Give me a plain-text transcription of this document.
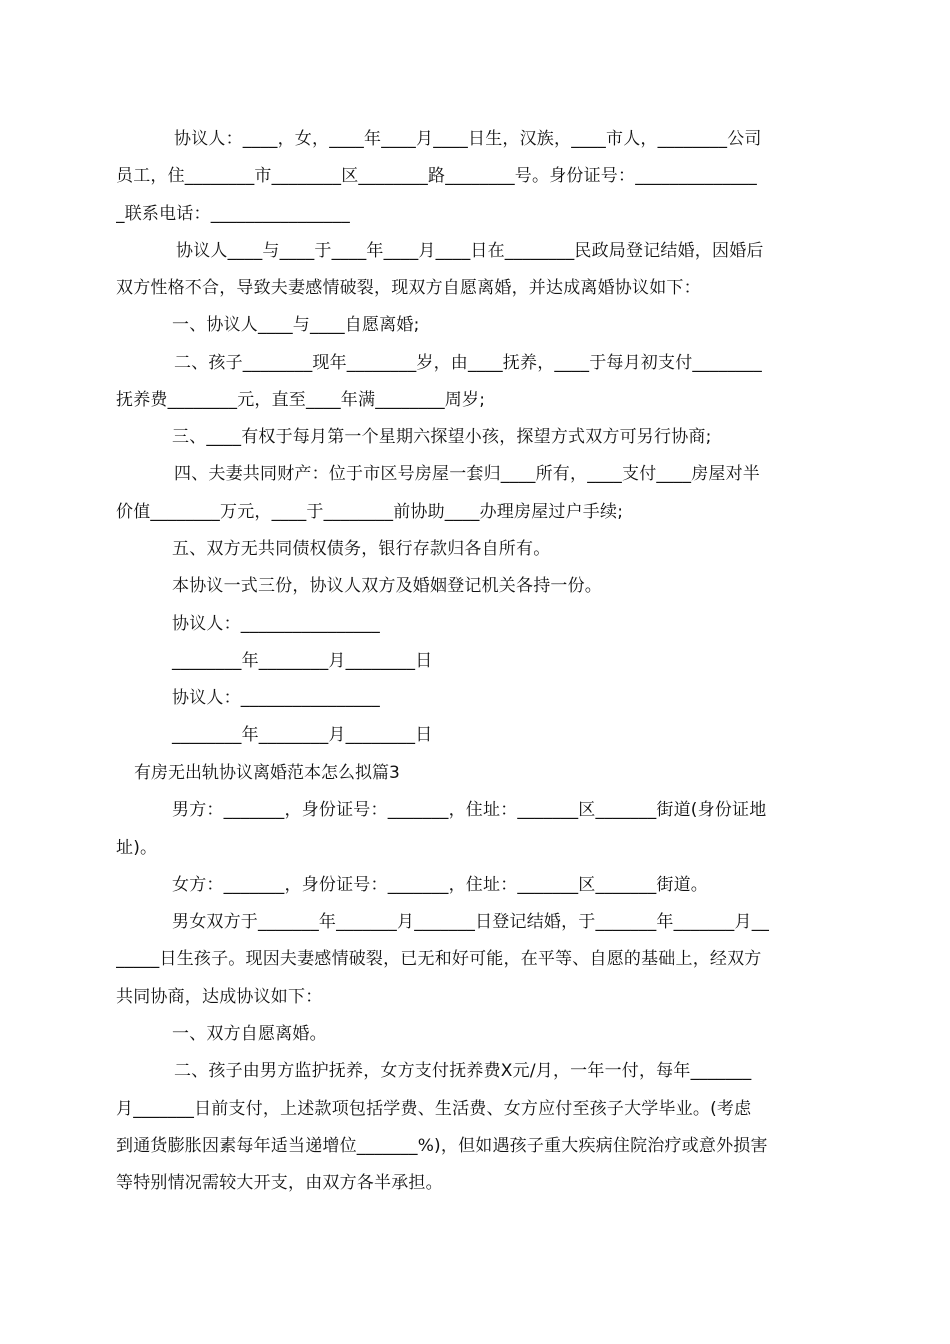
协议人：____，女，____年____月____日生，汉族，____市人，________公司
员工，住________市________区________路________号。身份证号：______________
_联系电话：________________
协议人____与____于____年____月____日在________民政局登记结婚，因婚后
双方性格不合，导致夫妻感情破裂，现双方自愿离婚，并达成离婚协议如下：
一、协议人____与____自愿离婚;
二、孩子________现年________岁，由____抚养，____于每月初支付________
抚养费________元，直至____年满________周岁;
三、____有权于每月第一个星期六探望小孩，探望方式双方可另行协商;
四、夫妻共同财产：位于市区号房屋一套归____所有，____支付____房屋对半
价值________万元，____于________前协助____办理房屋过户手续;
五、双方无共同债权债务，银行存款归各自所有。
本协议一式三份，协议人双方及婚姻登记机关各持一份。
协议人：________________
________年________月________日
协议人：________________
________年________月________日
有房无出轨协议离婚范本怎么拟篇3
男方：_______，身份证号：_______，住址：_______区_______街道(身份证地
址)。
女方：_______，身份证号：_______，住址：_______区_______街道。
男女双方于_______年_______月_______日登记结婚，于_______年_______月__
_____日生孩子。现因夫妻感情破裂，已无和好可能，在平等、自愿的基础上，经双方
共同协商，达成协议如下：
一、双方自愿离婚。
二、孩子由男方监护抚养，女方支付抚养费X元/月，一年一付，每年_______
月_______日前支付，上述款项包括学费、生活费、女方应付至孩子大学毕业。(考虑
到通货膨胀因素每年适当递增位_______%)，但如遇孩子重大疾病住院治疗或意外损害
等特别情况需较大开支，由双方各半承担。
